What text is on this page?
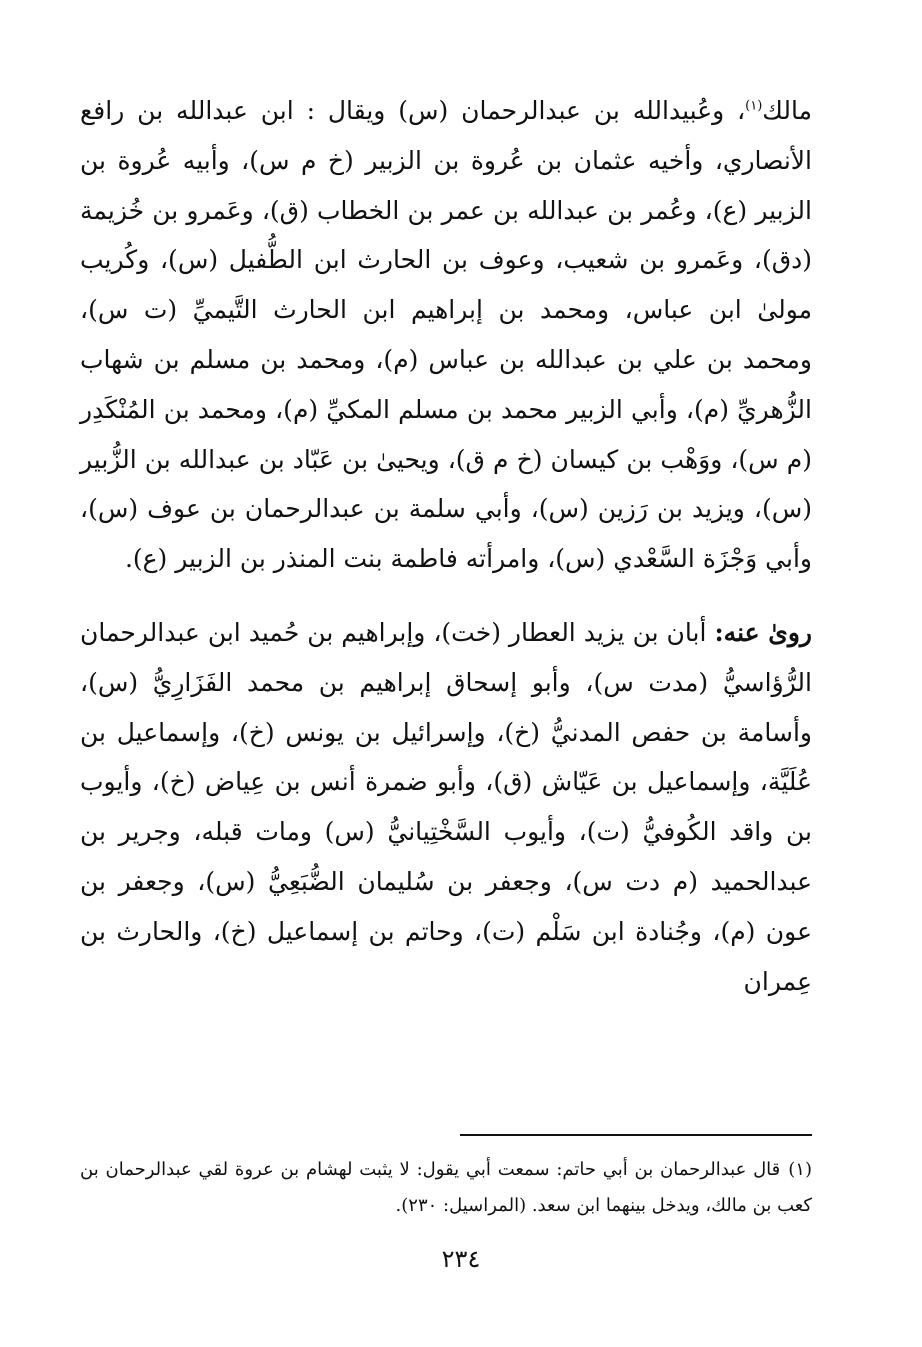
مالك$^{(١)}$، وعُبيدالله بن عبدالرحمان (س) ويقال : ابن عبدالله بن رافع الأنصاري، وأخيه عثمان بن عُروة بن الزبير (خ م س)، وأبيه عُروة بن الزبير (ع)، وعُمر بن عبدالله بن عمر بن الخطاب (ق)، وعَمرو بن خُزيمة (دق)، وعَمرو بن شعيب، وعوف بن الحارث ابن الطُّفيل (س)، وكُريب مولىٰ ابن عباس، ومحمد بن إبراهيم ابن الحارث التَّيميِّ (ت س)، ومحمد بن علي بن عبدالله بن عباس (م)، ومحمد بن مسلم بن شهاب الزُّهريِّ (م)، وأبي الزبير محمد بن مسلم المكيِّ (م)، ومحمد بن المُنْكَدِر (م س)، ووَهْب بن كيسان (خ م ق)، ويحيىٰ بن عَبّاد بن عبدالله بن الزُّبير (س)، ويزيد بن رَزين (س)، وأبي سلمة بن عبدالرحمان بن عوف (س)، وأبي وَجْزَة السَّعْدي (س)، وامرأته فاطمة بنت المنذر بن الزبير (ع).

روىٰ عنه: أبان بن يزيد العطار (خت)، وإبراهيم بن حُميد ابن عبدالرحمان الرُّؤاسيُّ (مدت س)، وأبو إسحاق إبراهيم بن محمد الفَزَارِيُّ (س)، وأسامة بن حفص المدنيُّ (خ)، وإسرائيل بن يونس (خ)، وإسماعيل بن عُلَيَّة، وإسماعيل بن عَيّاش (ق)، وأبو ضمرة أنس بن عِياض (خ)، وأيوب بن واقد الكُوفيُّ (ت)، وأيوب السَّخْتِيانيُّ (س) ومات قبله، وجرير بن عبدالحميد (م دت س)، وجعفر بن سُليمان الضُّبَعِيُّ (س)، وجعفر بن عون (م)، وجُنادة ابن سَلْم (ت)، وحاتم بن إسماعيل (خ)، والحارث بن عِمران

(١)قال عبدالرحمان بن أبي حاتم: سمعت أبي يقول: لا يثبت لهشام بن عروة لقي عبدالرحمان بن كعب بن مالك، ويدخل بينهما ابن سعد. (المراسيل: ٢٣٠).

٢٣٤
